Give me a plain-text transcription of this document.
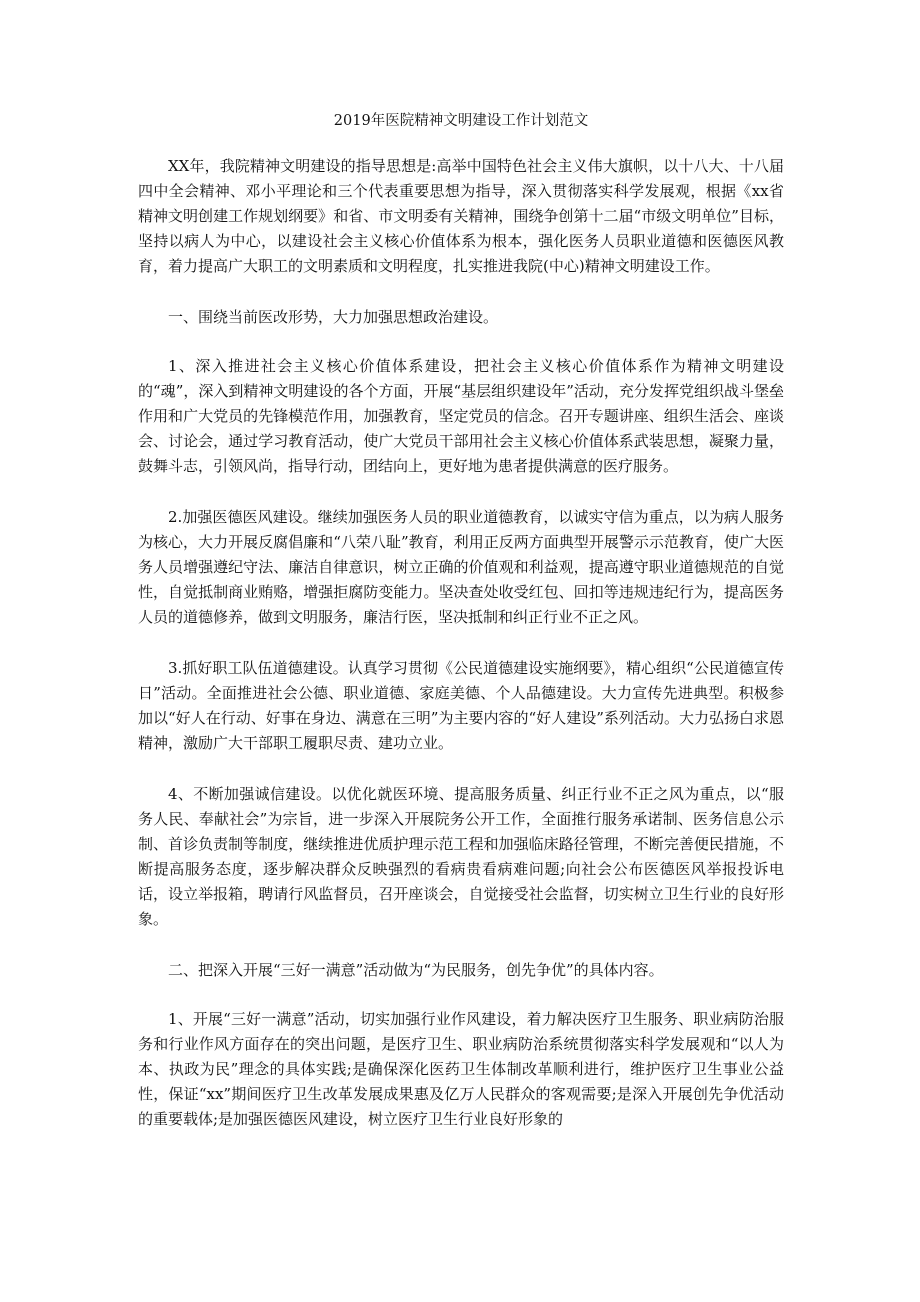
2019年医院精神文明建设工作计划范文

XX年，我院精神文明建设的指导思想是:高举中国特色社会主义伟大旗帜，以十八大、十八届四中全会精神、邓小平理论和三个代表重要思想为指导，深入贯彻落实科学发展观，根据《xx省精神文明创建工作规划纲要》和省、市文明委有关精神，围绕争创第十二届“市级文明单位”目标，坚持以病人为中心，以建设社会主义核心价值体系为根本，强化医务人员职业道德和医德医风教育，着力提高广大职工的文明素质和文明程度，扎实推进我院(中心)精神文明建设工作。

一、围绕当前医改形势，大力加强思想政治建设。

1、深入推进社会主义核心价值体系建设，把社会主义核心价值体系作为精神文明建设的“魂”，深入到精神文明建设的各个方面，开展“基层组织建设年”活动，充分发挥党组织战斗堡垒作用和广大党员的先锋模范作用，加强教育，坚定党员的信念。召开专题讲座、组织生活会、座谈会、讨论会，通过学习教育活动，使广大党员干部用社会主义核心价值体系武装思想，凝聚力量，鼓舞斗志，引领风尚，指导行动，团结向上，更好地为患者提供满意的医疗服务。

2.加强医德医风建设。继续加强医务人员的职业道德教育，以诚实守信为重点，以为病人服务为核心，大力开展反腐倡廉和“八荣八耻”教育，利用正反两方面典型开展警示示范教育，使广大医务人员增强遵纪守法、廉洁自律意识，树立正确的价值观和利益观，提高遵守职业道德规范的自觉性，自觉抵制商业贿赂，增强拒腐防变能力。坚决查处收受红包、回扣等违规违纪行为，提高医务人员的道德修养，做到文明服务，廉洁行医，坚决抵制和纠正行业不正之风。

3.抓好职工队伍道德建设。认真学习贯彻《公民道德建设实施纲要》，精心组织“公民道德宣传日”活动。全面推进社会公德、职业道德、家庭美德、个人品德建设。大力宣传先进典型。积极参加以“好人在行动、好事在身边、满意在三明”为主要内容的“好人建设”系列活动。大力弘扬白求恩精神，激励广大干部职工履职尽责、建功立业。

4、不断加强诚信建设。以优化就医环境、提高服务质量、纠正行业不正之风为重点，以“服务人民、奉献社会”为宗旨，进一步深入开展院务公开工作，全面推行服务承诺制、医务信息公示制、首诊负责制等制度，继续推进优质护理示范工程和加强临床路径管理，不断完善便民措施，不断提高服务态度，逐步解决群众反映强烈的看病贵看病难问题;向社会公布医德医风举报投诉电话，设立举报箱，聘请行风监督员，召开座谈会，自觉接受社会监督，切实树立卫生行业的良好形象。

二、把深入开展“三好一满意”活动做为“为民服务，创先争优”的具体内容。

1、开展“三好一满意”活动，切实加强行业作风建设，着力解决医疗卫生服务、职业病防治服务和行业作风方面存在的突出问题，是医疗卫生、职业病防治系统贯彻落实科学发展观和“以人为本、执政为民”理念的具体实践;是确保深化医药卫生体制改革顺利进行，维护医疗卫生事业公益性，保证“xx”期间医疗卫生改革发展成果惠及亿万人民群众的客观需要;是深入开展创先争优活动的重要载体;是加强医德医风建设，树立医疗卫生行业良好形象的
